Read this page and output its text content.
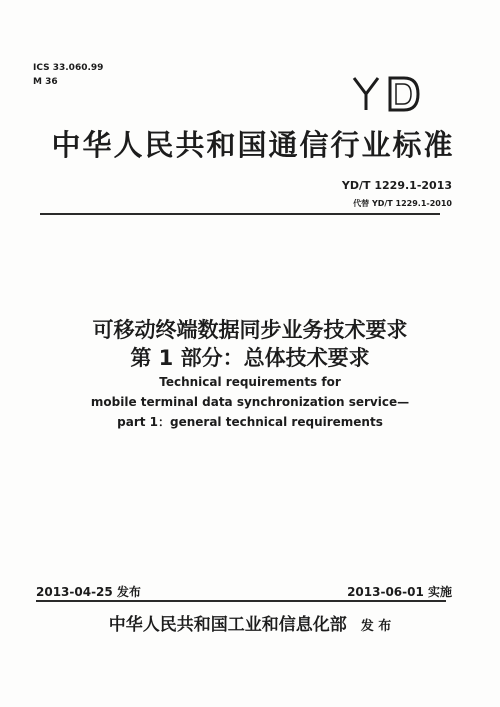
ICS 33.060.99
M 36
中华人民共和国通信行业标准
YD/T 1229.1-2013
代替 YD/T 1229.1-2010
可移动终端数据同步业务技术要求
第 1 部分：总体技术要求
Technical requirements for
mobile terminal data synchronization service—
part 1：general technical requirements
2013-04-25 发布	2013-06-01 实施
中华人民共和国工业和信息化部 发 布
